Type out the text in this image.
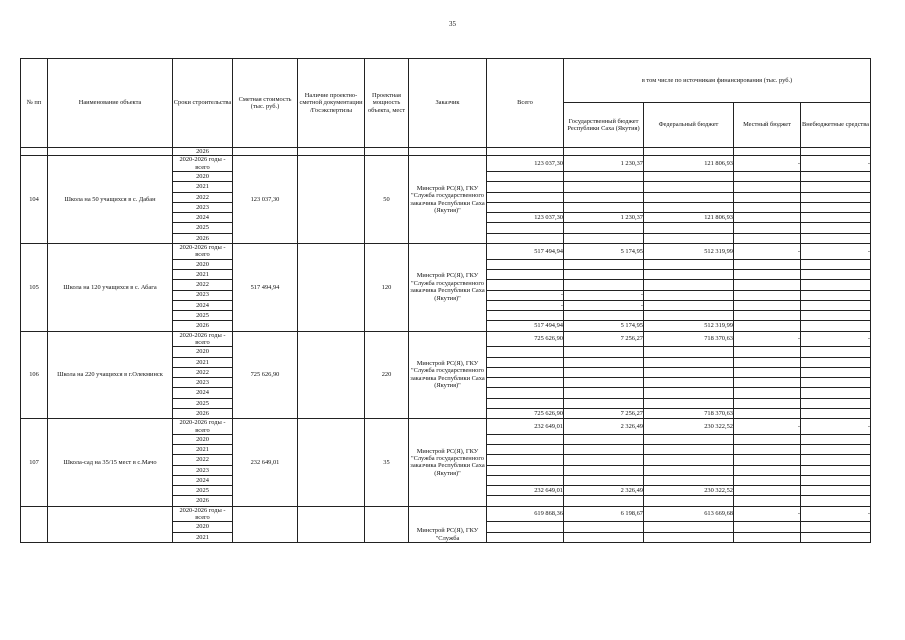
35
№ пп	Наименование объекта	Сроки строительства	Сметная стоимость (тыс. руб.)	Наличие проектно-сметной документации /Госэкспертизы	Проектная мощность объекта, мест	Заказчик	Всего	в том числе по источникам финансирования (тыс. руб.)			
								Государственный бюджет Республики Саха (Якутия)	Федеральный бюджет	Местный бюджет	Внебюджетные средства
		2026									
104	Школа на 50 учащихся в с. Дабан	2020-2026 годы - всего	123 037,30		50	Минстрой РС(Я), ГКУ "Служба государственного заказчика Республики Саха (Якутия)"	123 037,30	1 230,37	121 806,93	-	-
		2020									
		2021									
		2022									
		2023									
		2024					123 037,30	1 230,37	121 806,93		
		2025									
		2026									
105	Школа на 120 учащихся в с. Абага	2020-2026 годы - всего	517 494,94		120	Минстрой РС(Я), ГКУ "Служба государственного заказчика Республики Саха (Якутия)"	517 494,94	5 174,95	512 319,99	-	-
		2020									
		2021									
		2022									
		2023					-	-			
		2024					-	-			
		2025									
		2026					517 494,94	5 174,95	512 319,99		
106	Школа на 220 учащихся в г.Олекминск	2020-2026 годы - всего	725 626,90		220	Минстрой РС(Я), ГКУ "Служба государственного заказчика Республики Саха (Якутия)"	725 626,90	7 256,27	718 370,63	-	-
		2020									
		2021									
		2022									
		2023									
		2024									
		2025									
		2026					725 626,90	7 256,27	718 370,63		
107	Школа-сад на 35/15 мест в с.Мачо	2020-2026 годы - всего	232 649,01		35	Минстрой РС(Я), ГКУ "Служба государственного заказчика Республики Саха (Якутия)"	232 649,01	2 326,49	230 322,52	-	-
		2020									
		2021									
		2022									
		2023									
		2024									
		2025					232 649,01	2 326,49	230 322,52		
		2026									
		2020-2026 годы - всего				Минстрой РС(Я), ГКУ "Служба	619 868,36	6 198,67	613 669,68	-	-
		2020									
		2021									
